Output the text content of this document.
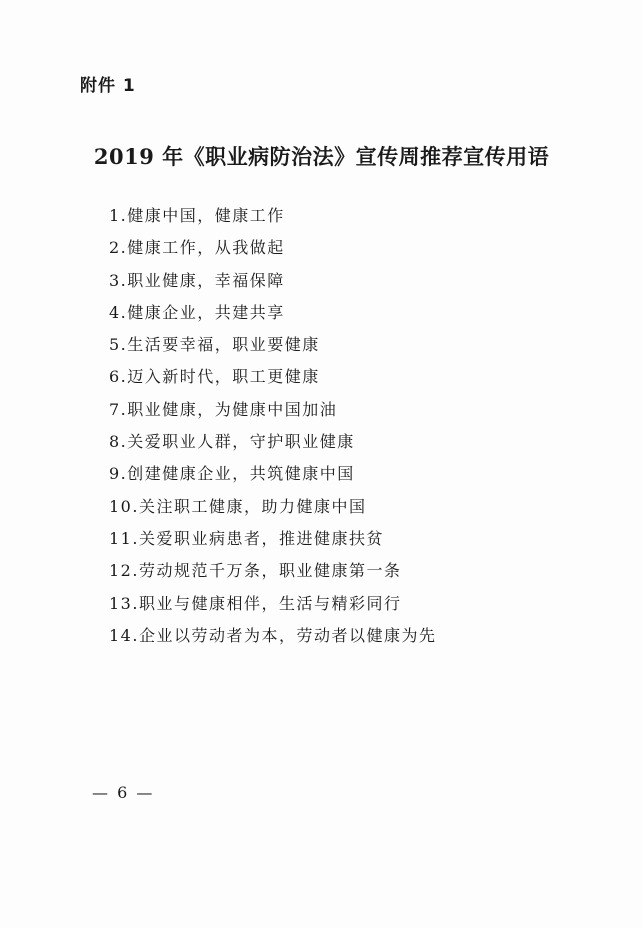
附件 1
2019 年《职业病防治法》宣传周推荐宣传用语
1.健康中国，健康工作
2.健康工作，从我做起
3.职业健康，幸福保障
4.健康企业，共建共享
5.生活要幸福，职业要健康
6.迈入新时代，职工更健康
7.职业健康，为健康中国加油
8.关爱职业人群，守护职业健康
9.创建健康企业，共筑健康中国
10.关注职工健康，助力健康中国
11.关爱职业病患者，推进健康扶贫
12.劳动规范千万条，职业健康第一条
13.职业与健康相伴，生活与精彩同行
14.企业以劳动者为本，劳动者以健康为先
— 6 —
